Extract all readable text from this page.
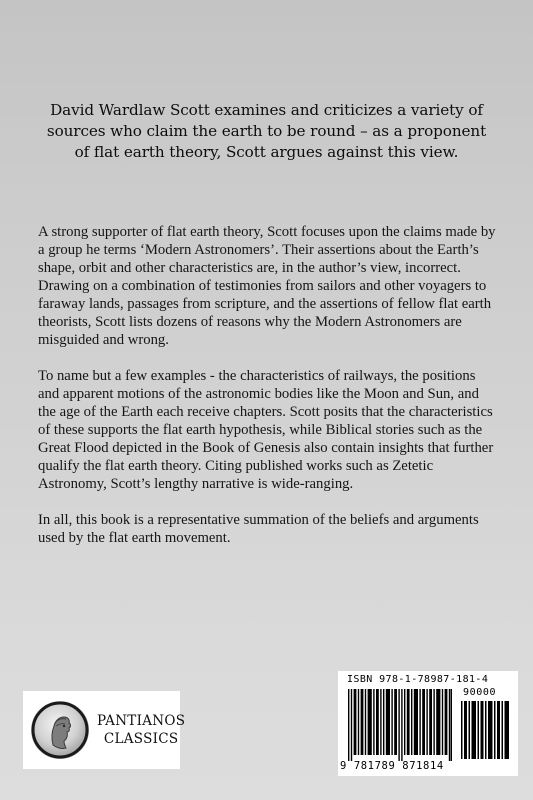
David Wardlaw Scott examines and criticizes a variety of sources who claim the earth to be round – as a proponent of flat earth theory, Scott argues against this view.

A strong supporter of flat earth theory, Scott focuses upon the claims made by a group he terms ‘Modern Astronomers’. Their assertions about the Earth’s shape, orbit and other characteristics are, in the author’s view, incorrect. Drawing on a combination of testimonies from sailors and other voyagers to faraway lands, passages from scripture, and the assertions of fellow flat earth theorists, Scott lists dozens of reasons why the Modern Astronomers are misguided and wrong.

To name but a few examples - the characteristics of railways, the positions and apparent motions of the astronomic bodies like the Moon and Sun, and the age of the Earth each receive chapters. Scott posits that the characteristics of these supports the flat earth hypothesis, while Biblical stories such as the Great Flood depicted in the Book of Genesis also contain insights that further qualify the flat earth theory. Citing published works such as Zetetic Astronomy, Scott’s lengthy narrative is wide-ranging.

In all, this book is a representative summation of the beliefs and arguments used by the flat earth movement.

PANTIANOS
CLASSICS
ISBN 978-1-78987-181-4
90000
9 781789 871814
